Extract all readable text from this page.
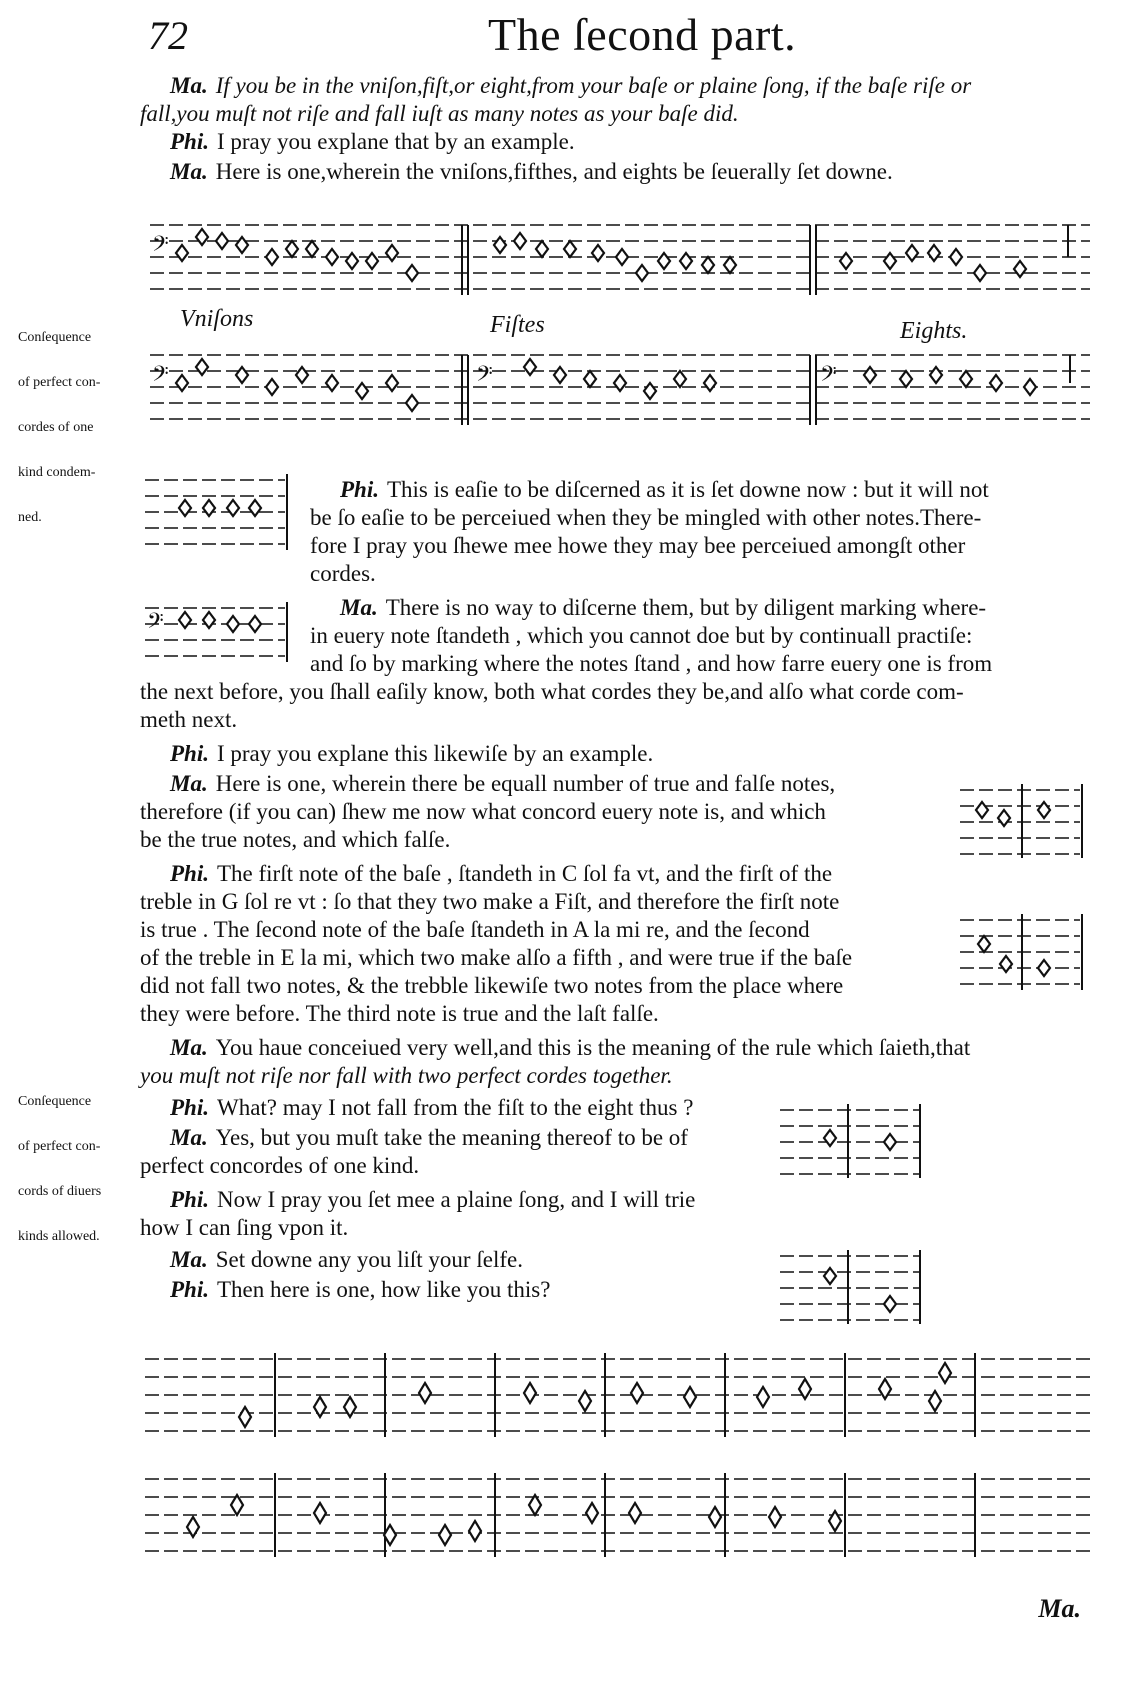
72	The ſecond part.
Ma. If you be in the vniſon,fiſt,or eight,from your baſe or plaine ſong, if the baſe riſe or
fall,you muſt not riſe and fall iuſt as many notes as your baſe did.
Phi. I pray you explane that by an example.
Ma. Here is one,wherein the vniſons,fifthes, and eights be ſeuerally ſet downe.
𝄢
Vniſons	Fiſtes	Eights.
𝄢	𝄢	𝄢

Conſequence

of perfect con-

cordes of one

kind condem-

ned.

𝄢
Phi. This is eaſie to be diſcerned as it is ſet downe now : but it will not
be ſo eaſie to be perceiued when they be mingled with other notes.There-
fore I pray you ſhewe mee howe they may bee perceiued amongſt other
cordes.
Ma. There is no way to diſcerne them, but by diligent marking where-
in euery note ſtandeth , which you cannot doe but by continuall practiſe:
and ſo by marking where the notes ſtand , and how farre euery one is from
the next before, you ſhall eaſily know, both what cordes they be,and alſo what corde com-
meth next.
Phi. I pray you explane this likewiſe by an example.
Ma. Here is one, wherein there be equall number of true and falſe notes,
therefore (if you can) ſhew me now what concord euery note is, and which
be the true notes, and which falſe.
Phi. The firſt note of the baſe , ſtandeth in C ſol fa vt, and the firſt of the
treble in G ſol re vt : ſo that they two make a Fiſt, and therefore the firſt note
is true . The ſecond note of the baſe ſtandeth in A la mi re, and the ſecond
of the treble in E la mi, which two make alſo a fifth , and were true if the baſe
did not fall two notes, & the trebble likewiſe two notes from the place where
they were before. The third note is true and the laſt falſe.
Ma. You haue conceiued very well,and this is the meaning of the rule which ſaieth,that
you muſt not riſe nor fall with two perfect cordes together.

Conſequence

of perfect con-

cords of diuers

kinds allowed.

Phi. What? may I not fall from the fiſt to the eight thus ?
Ma. Yes, but you muſt take the meaning thereof to be of
perfect concordes of one kind.
Phi. Now I pray you ſet mee a plaine ſong, and I will trie
how I can ſing vpon it.
Ma. Set downe any you liſt your ſelfe.
Phi. Then here is one, how like you this?
Ma.
